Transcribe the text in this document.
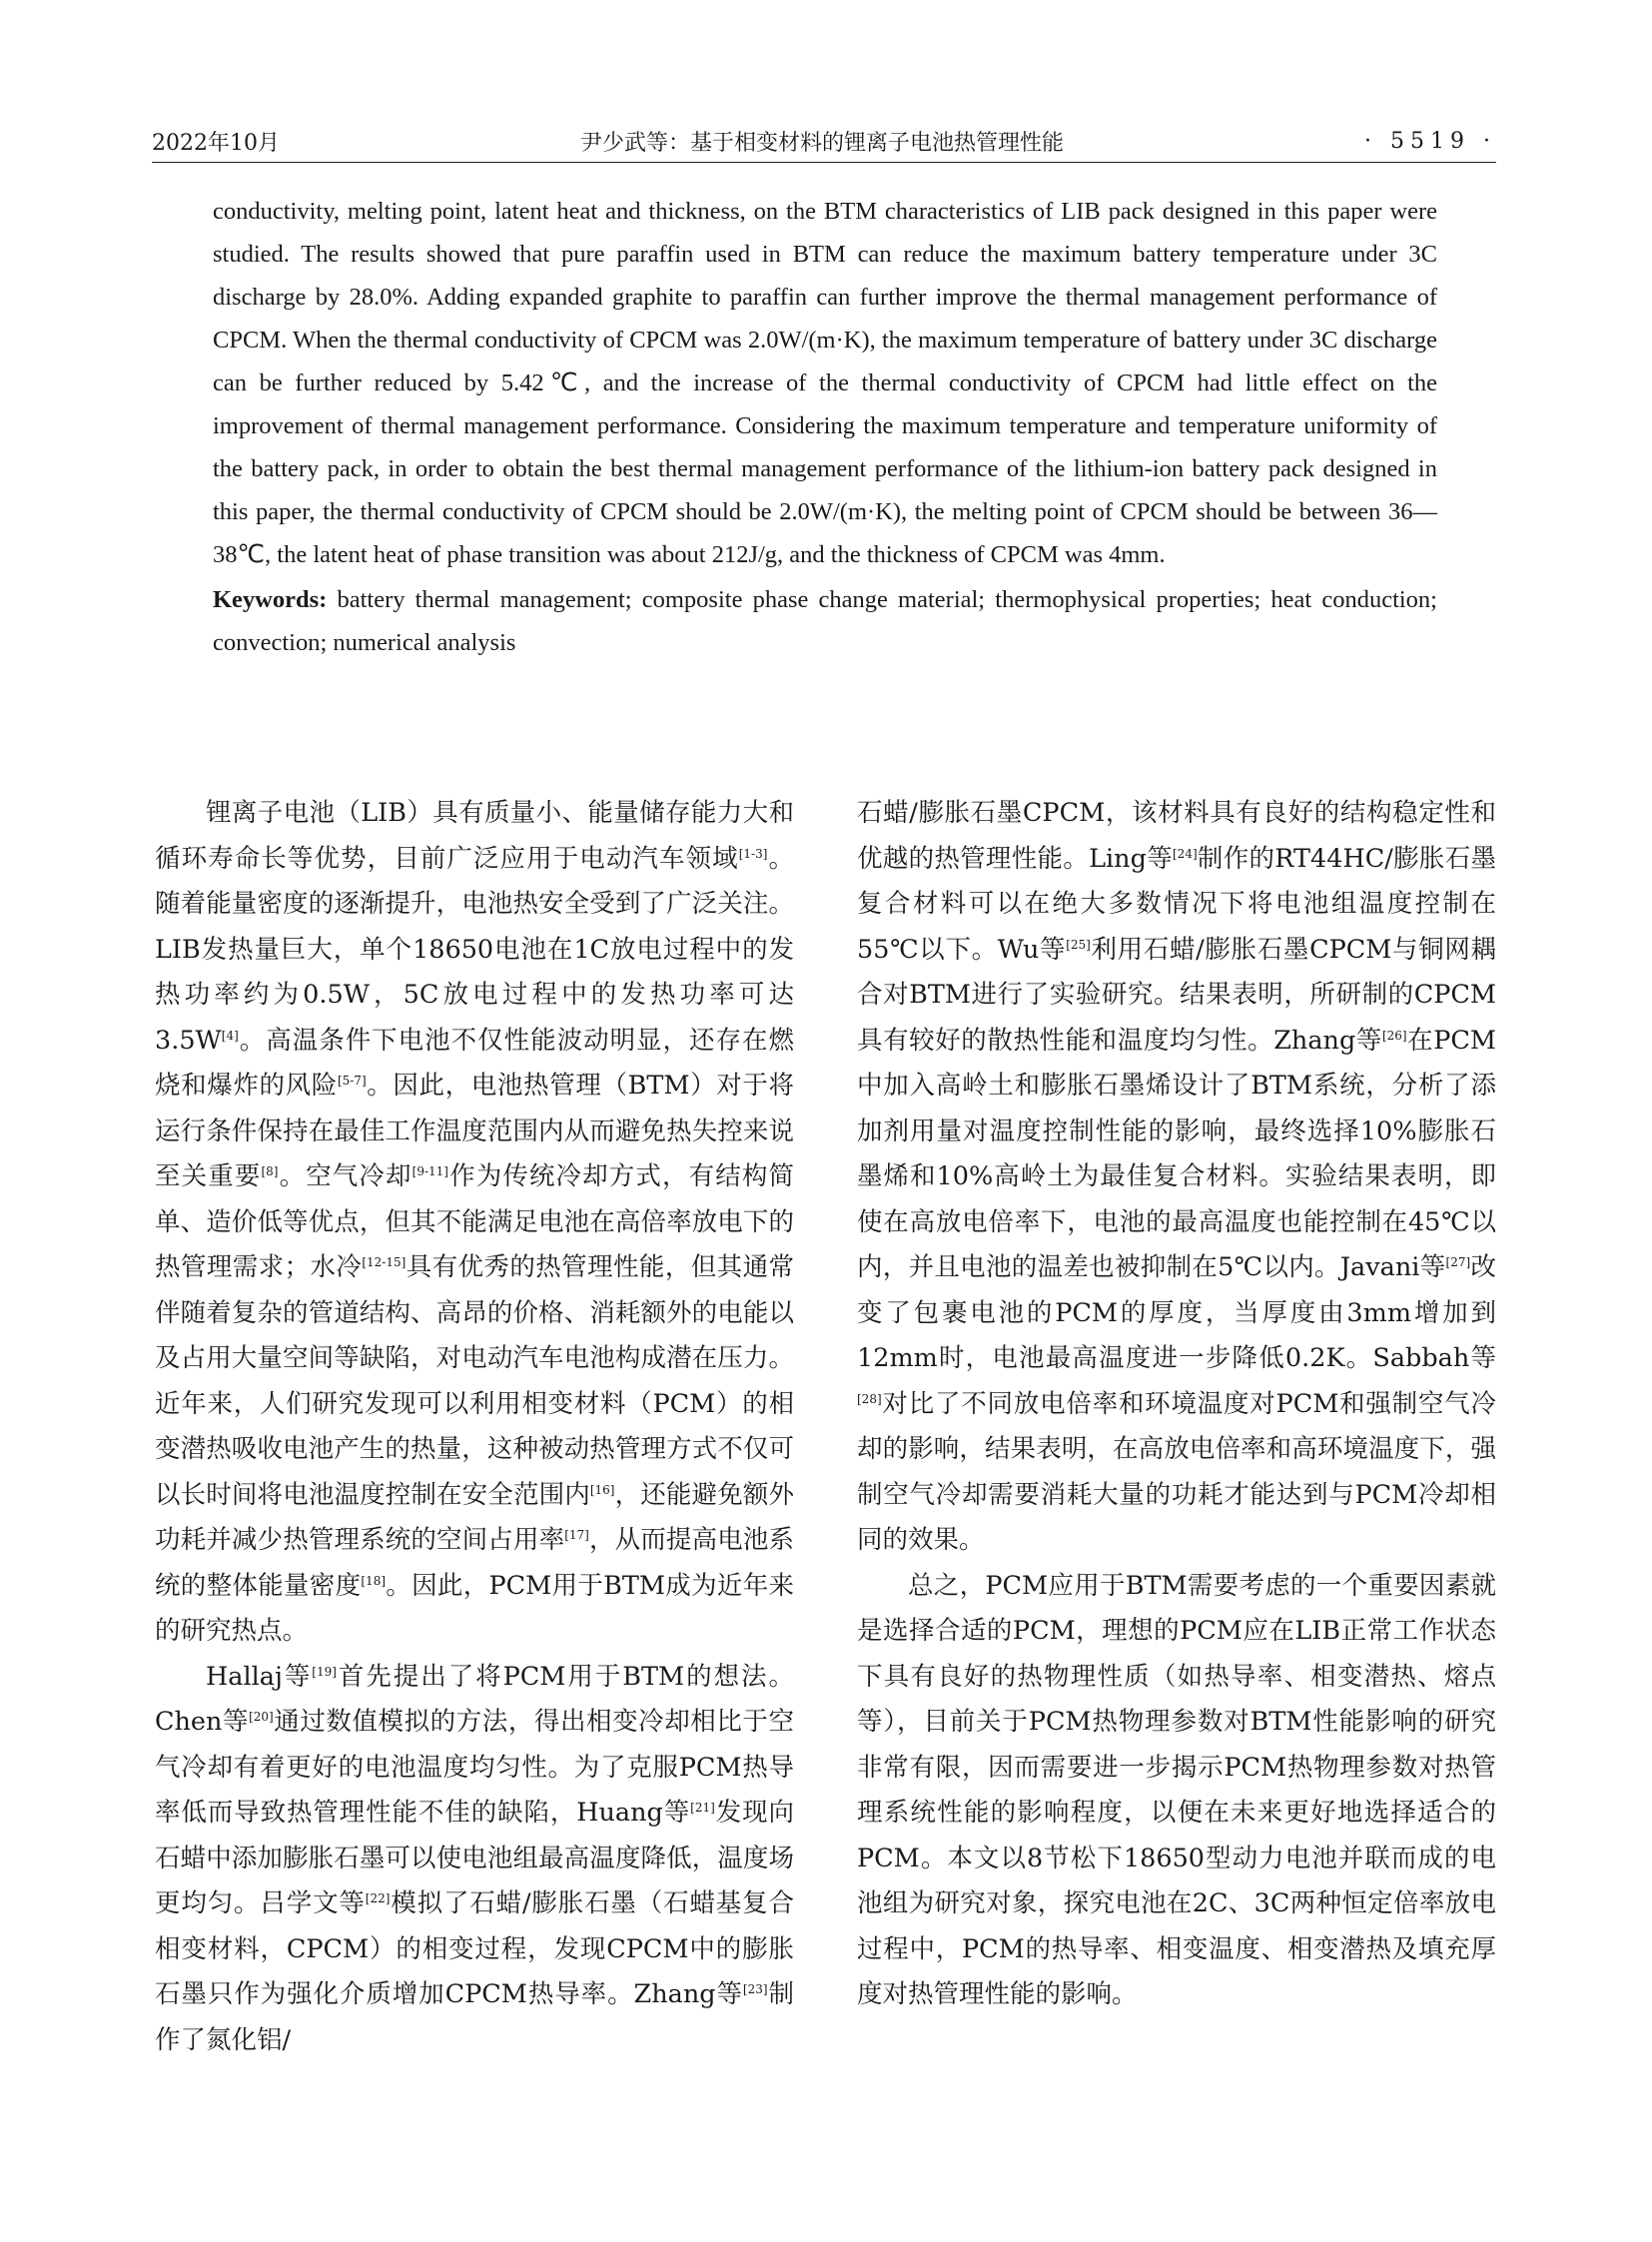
2022年10月	尹少武等：基于相变材料的锂离子电池热管理性能	· 5519 ·

conductivity, melting point, latent heat and thickness, on the BTM characteristics of LIB pack designed in this paper were studied. The results showed that pure paraffin used in BTM can reduce the maximum battery temperature under 3C discharge by 28.0%. Adding expanded graphite to paraffin can further improve the thermal management performance of CPCM. When the thermal conductivity of CPCM was 2.0W/(m·K), the maximum temperature of battery under 3C discharge can be further reduced by 5.42℃, and the increase of the thermal conductivity of CPCM had little effect on the improvement of thermal management performance. Considering the maximum temperature and temperature uniformity of the battery pack, in order to obtain the best thermal management performance of the lithium-ion battery pack designed in this paper, the thermal conductivity of CPCM should be 2.0W/(m·K), the melting point of CPCM should be between 36—38℃, the latent heat of phase transition was about 212J/g, and the thickness of CPCM was 4mm.

Keywords: battery thermal management; composite phase change material; thermophysical properties; heat conduction; convection; numerical analysis

锂离子电池（LIB）具有质量小、能量储存能力大和循环寿命长等优势，目前广泛应用于电动汽车领域[1-3]。随着能量密度的逐渐提升，电池热安全受到了广泛关注。LIB发热量巨大，单个18650电池在1C放电过程中的发热功率约为0.5W，5C放电过程中的发热功率可达3.5W[4]。高温条件下电池不仅性能波动明显，还存在燃烧和爆炸的风险[5-7]。因此，电池热管理（BTM）对于将运行条件保持在最佳工作温度范围内从而避免热失控来说至关重要[8]。空气冷却[9-11]作为传统冷却方式，有结构简单、造价低等优点，但其不能满足电池在高倍率放电下的热管理需求；水冷[12-15]具有优秀的热管理性能，但其通常伴随着复杂的管道结构、高昂的价格、消耗额外的电能以及占用大量空间等缺陷，对电动汽车电池构成潜在压力。近年来，人们研究发现可以利用相变材料（PCM）的相变潜热吸收电池产生的热量，这种被动热管理方式不仅可以长时间将电池温度控制在安全范围内[16]，还能避免额外功耗并减少热管理系统的空间占用率[17]，从而提高电池系统的整体能量密度[18]。因此，PCM用于BTM成为近年来的研究热点。

Hallaj等[19]首先提出了将PCM用于BTM的想法。Chen等[20]通过数值模拟的方法，得出相变冷却相比于空气冷却有着更好的电池温度均匀性。为了克服PCM热导率低而导致热管理性能不佳的缺陷，Huang等[21]发现向石蜡中添加膨胀石墨可以使电池组最高温度降低，温度场更均匀。吕学文等[22]模拟了石蜡/膨胀石墨（石蜡基复合相变材料，CPCM）的相变过程，发现CPCM中的膨胀石墨只作为强化介质增加CPCM热导率。Zhang等[23]制作了氮化铝/

石蜡/膨胀石墨CPCM，该材料具有良好的结构稳定性和优越的热管理性能。Ling等[24]制作的RT44HC/膨胀石墨复合材料可以在绝大多数情况下将电池组温度控制在55℃以下。Wu等[25]利用石蜡/膨胀石墨CPCM与铜网耦合对BTM进行了实验研究。结果表明，所研制的CPCM具有较好的散热性能和温度均匀性。Zhang等[26]在PCM中加入高岭土和膨胀石墨烯设计了BTM系统，分析了添加剂用量对温度控制性能的影响，最终选择10%膨胀石墨烯和10%高岭土为最佳复合材料。实验结果表明，即使在高放电倍率下，电池的最高温度也能控制在45℃以内，并且电池的温差也被抑制在5℃以内。Javani等[27]改变了包裹电池的PCM的厚度，当厚度由3mm增加到12mm时，电池最高温度进一步降低0.2K。Sabbah等[28]对比了不同放电倍率和环境温度对PCM和强制空气冷却的影响，结果表明，在高放电倍率和高环境温度下，强制空气冷却需要消耗大量的功耗才能达到与PCM冷却相同的效果。

总之，PCM应用于BTM需要考虑的一个重要因素就是选择合适的PCM，理想的PCM应在LIB正常工作状态下具有良好的热物理性质（如热导率、相变潜热、熔点等），目前关于PCM热物理参数对BTM性能影响的研究非常有限，因而需要进一步揭示PCM热物理参数对热管理系统性能的影响程度，以便在未来更好地选择适合的PCM。本文以8节松下18650型动力电池并联而成的电池组为研究对象，探究电池在2C、3C两种恒定倍率放电过程中，PCM的热导率、相变温度、相变潜热及填充厚度对热管理性能的影响。
